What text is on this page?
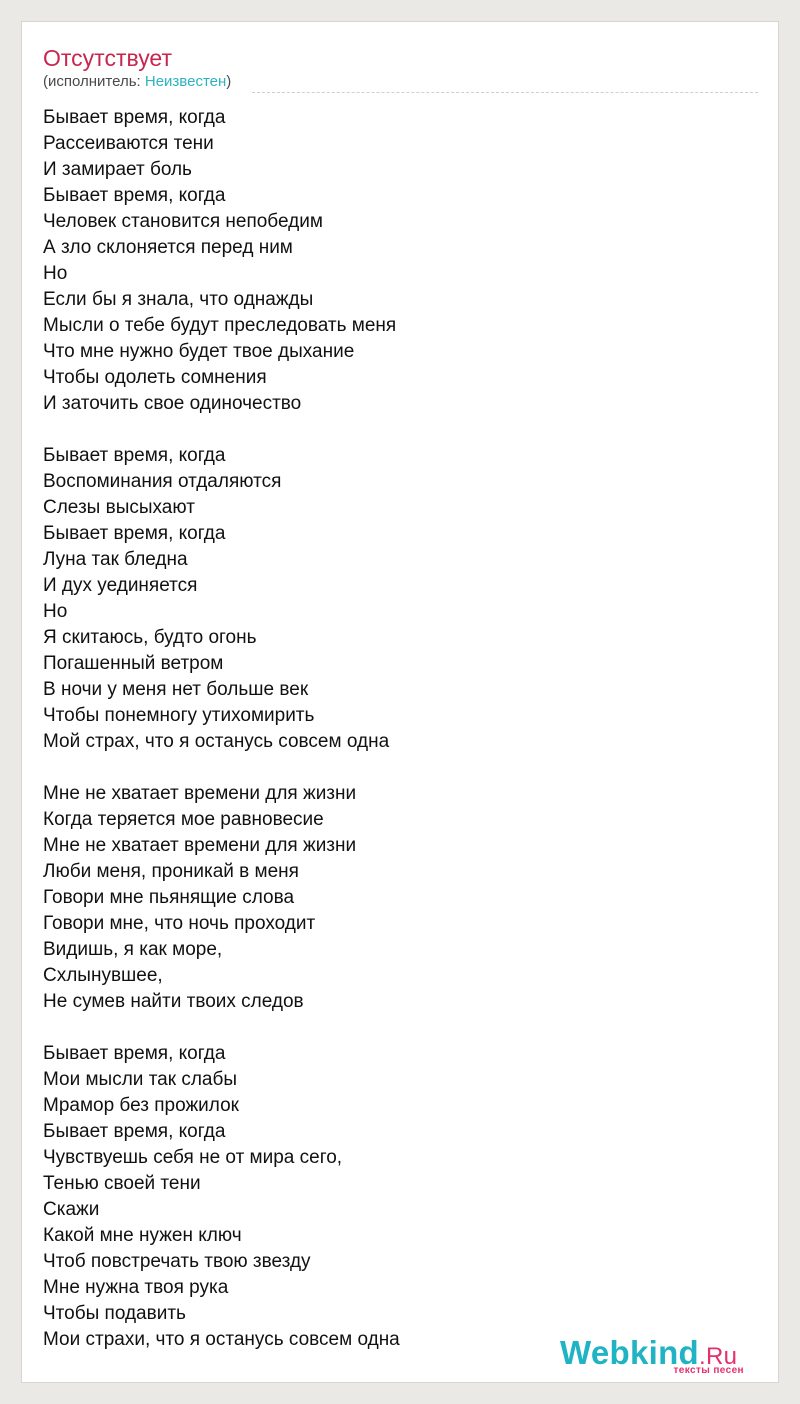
Отсутствует
(исполнитель: Неизвестен)
Бывает время, когда
Рассеиваются тени
И замирает боль
Бывает время, когда
Человек становится непобедим
А зло склоняется перед ним
Но
Если бы я знала, что однажды
Мысли о тебе будут преследовать меня
Что мне нужно будет твое дыхание
Чтобы одолеть сомнения
И заточить свое одиночество
Бывает время, когда
Воспоминания отдаляются
Слезы высыхают
Бывает время, когда
Луна так бледна
И дух уединяется
Но
Я скитаюсь, будто огонь
Погашенный ветром
В ночи у меня нет больше век
Чтобы понемногу утихомирить
Мой страх, что я останусь совсем одна
Мне не хватает времени для жизни
Когда теряется мое равновесие
Мне не хватает времени для жизни
Люби меня, проникай в меня
Говори мне пьянящие слова
Говори мне, что ночь проходит
Видишь, я как море,
Схлынувшее,
Не сумев найти твоих следов
Бывает время, когда
Мои мысли так слабы
Мрамор без прожилок
Бывает время, когда
Чувствуешь себя не от мира сего,
Тенью своей тени
Скажи
Какой мне нужен ключ
Чтоб повстречать твою звезду
Мне нужна твоя рука
Чтобы подавить
Мои страхи, что я останусь совсем одна	Webkind.Ru
тексты песен
